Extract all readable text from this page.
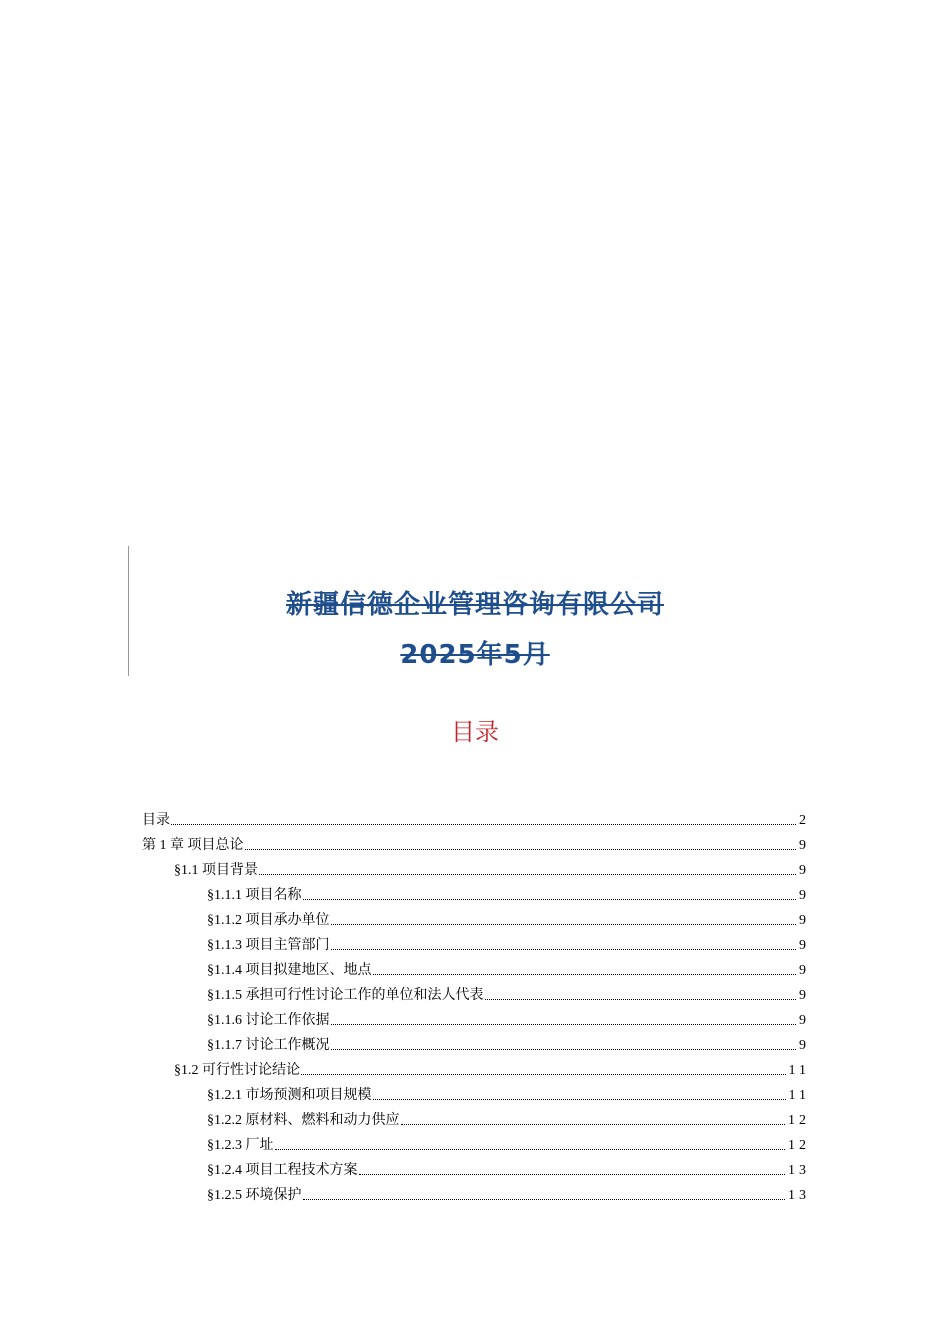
新疆信德企业管理咨询有限公司
2025年5月
目录
目录	2
第 1 章 项目总论	9
§1.1 项目背景	9
§1.1.1 项目名称	9
§1.1.2 项目承办单位	9
§1.1.3 项目主管部门	9
§1.1.4 项目拟建地区、地点	9
§1.1.5 承担可行性讨论工作的单位和法人代表	9
§1.1.6 讨论工作依据	9
§1.1.7 讨论工作概况	9
§1.2 可行性讨论结论	11
§1.2.1 市场预测和项目规模	11
§1.2.2 原材料、燃料和动力供应	12
§1.2.3 厂址	12
§1.2.4 项目工程技术方案	13
§1.2.5 环境保护	13
